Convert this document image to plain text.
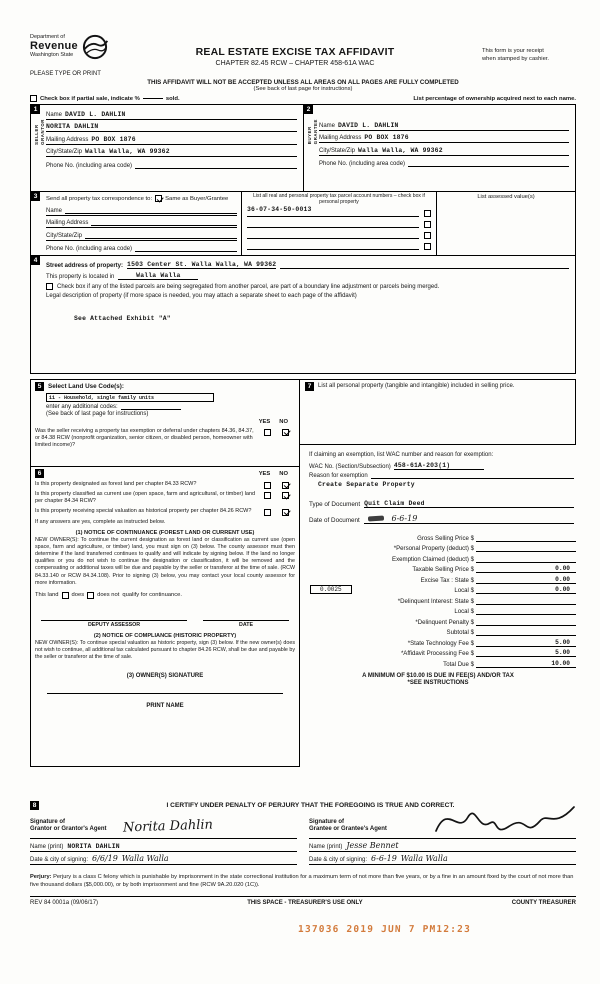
Department of
Revenue
Washington State
PLEASE TYPE OR PRINT
REAL ESTATE EXCISE TAX AFFIDAVIT
CHAPTER 82.45 RCW – CHAPTER 458-61A WAC
This form is your receipt
when stamped by cashier.
THIS AFFIDAVIT WILL NOT BE ACCEPTED UNLESS ALL AREAS ON ALL PAGES ARE FULLY COMPLETED
(See back of last page for instructions)
Check box if partial sale, indicate %	sold.	List percentage of ownership acquired next to each name.
1
SELLER GRANTOR
Name DAVID L. DAHLIN
NORITA DAHLIN
Mailing Address PO BOX 1876
City/State/Zip Walla Walla, WA 99362
Phone No. (including area code)
2
BUYER GRANTEE Name DAVID L. DAHLIN
Mailing Address PO BOX 1876
City/State/Zip Walla Walla, WA 99362
Phone No. (including area code)
3	Send all property tax correspondence to: Same as Buyer/Grantee
Name
Mailing Address
City/State/Zip
Phone No. (including area code)
List all real and personal property tax parcel account numbers – check box if personal property
36-07-34-50-0013
List assessed value(s)
4
Street address of property: 1503 Center St. Walla Walla, WA 99362
This property is located in	Walla Walla
Check box if any of the listed parcels are being segregated from another parcel, are part of a boundary line adjustment or parcels being merged.
Legal description of property (if more space is needed, you may attach a separate sheet to each page of the affidavit)
See Attached Exhibit "A"
5	Select Land Use Code(s):
11 - Household, single family units
enter any additional codes:
(See back of last page for instructions)
YES NO
Was the seller receiving a property tax exemption or deferral under chapters 84.36, 84.37, or 84.38 RCW (nonprofit organization, senior citizen, or disabled person, homeowner with limited income)?
6	YES NO
Is this property designated as forest land per chapter 84.33 RCW?
Is this property classified as current use (open space, farm and agricultural, or timber) land per chapter 84.34 RCW?
Is this property receiving special valuation as historical property per chapter 84.26 RCW?
If any answers are yes, complete as instructed below.
(1) NOTICE OF CONTINUANCE (FOREST LAND OR CURRENT USE)
NEW OWNER(S): To continue the current designation as forest land or classification as current use (open space, farm and agriculture, or timber) land, you must sign on (3) below. The county assessor must then determine if the land transferred continues to qualify and will indicate by signing below. If the land no longer qualifies or you do not wish to continue the designation or classification, it will be removed and the compensating or additional taxes will be due and payable by the seller or transferor at the time of sale. (RCW 84.33.140 or RCW 84.34.108). Prior to signing (3) below, you may contact your local county assessor for more information.
This land does does not qualify for continuance.
DEPUTY ASSESSOR	DATE
(2) NOTICE OF COMPLIANCE (HISTORIC PROPERTY)
NEW OWNER(S): To continue special valuation as historic property, sign (3) below. If the new owner(s) does not wish to continue, all additional tax calculated pursuant to chapter 84.26 RCW, shall be due and payable by the seller or transferor at the time of sale.
(3) OWNER(S) SIGNATURE
PRINT NAME
7	List all personal property (tangible and intangible) included in selling price.
If claiming an exemption, list WAC number and reason for exemption:
WAC No. (Section/Subsection) 458-61A-203(1)
Reason for exemption
Create Separate Property
Type of Document Quit Claim Deed
Date of Document	6-6-19
Gross Selling Price $
*Personal Property (deduct) $
Exemption Claimed (deduct) $
Taxable Selling Price $	0.00
Excise Tax : State $	0.00
0.0025	Local $	0.00
*Delinquent Interest: State $
Local $
*Delinquent Penalty $
Subtotal $
*State Technology Fee $	5.00
*Affidavit Processing Fee $	5.00
Total Due $	10.00
A MINIMUM OF $10.00 IS DUE IN FEE(S) AND/OR TAX
*SEE INSTRUCTIONS
8	I CERTIFY UNDER PENALTY OF PERJURY THAT THE FOREGOING IS TRUE AND CORRECT.
Signature of
Grantor or Grantor's Agent Norita Dahlin
Name (print) NORITA DAHLIN
Date & city of signing: 6/6/19 Walla Walla
Signature of
Grantee or Grantee's Agent
Name (print) Jesse Bennet
Date & city of signing: 6-6-19 Walla Walla
Perjury: Perjury is a class C felony which is punishable by imprisonment in the state correctional institution for a maximum term of not more than five years, or by a fine in an amount fixed by the court of not more than five thousand dollars ($5,000.00), or by both imprisonment and fine (RCW 9A.20.020 (1C)).
REV 84 0001a (09/06/17)	THIS SPACE - TREASURER'S USE ONLY	COUNTY TREASURER
137036 2019 JUN 7 PM12:23
